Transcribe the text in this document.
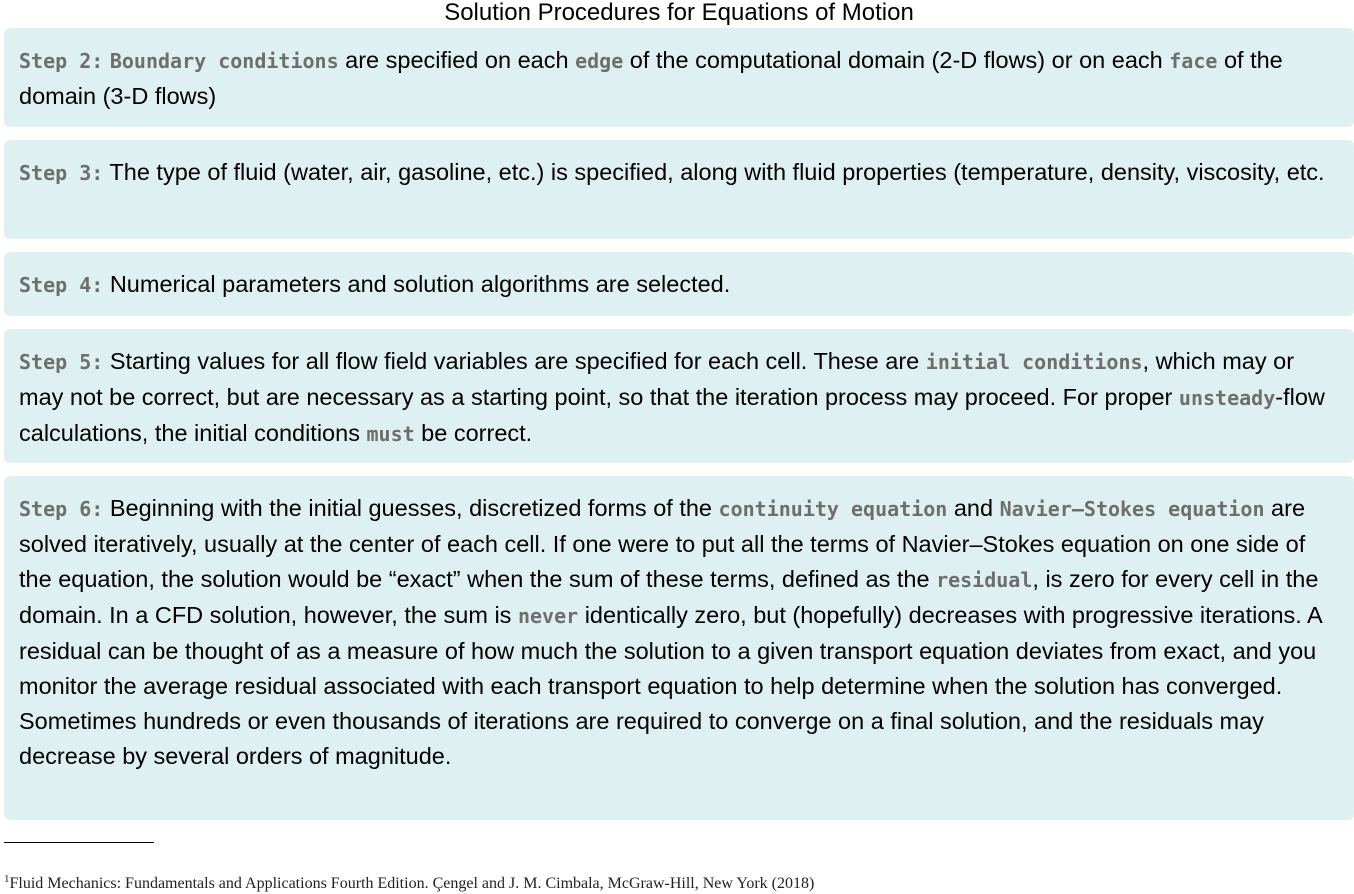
Solution Procedures for Equations of Motion
Step 2: Boundary conditions are specified on each edge of the computational domain (2-D flows) or on each face of the domain (3-D flows)
Step 3: The type of fluid (water, air, gasoline, etc.) is specified, along with fluid properties (temperature, density, viscosity, etc.
Step 4: Numerical parameters and solution algorithms are selected.
Step 5: Starting values for all flow field variables are specified for each cell. These are initial conditions, which may or may not be correct, but are necessary as a starting point, so that the iteration process may proceed. For proper unsteady-flow calculations, the initial conditions must be correct.
Step 6: Beginning with the initial guesses, discretized forms of the continuity equation and Navier–Stokes equation are solved iteratively, usually at the center of each cell. If one were to put all the terms of Navier–Stokes equation on one side of the equation, the solution would be “exact” when the sum of these terms, defined as the residual, is zero for every cell in the domain. In a CFD solution, however, the sum is never identically zero, but (hopefully) decreases with progressive iterations. A residual can be thought of as a measure of how much the solution to a given transport equation deviates from exact, and you monitor the average residual associated with each transport equation to help determine when the solution has converged. Sometimes hundreds or even thousands of iterations are required to converge on a final solution, and the residuals may decrease by several orders of magnitude.
$^1$Fluid Mechanics: Fundamentals and Applications Fourth Edition. Çengel and J. M. Cimbala, McGraw-Hill, New York (2018)
